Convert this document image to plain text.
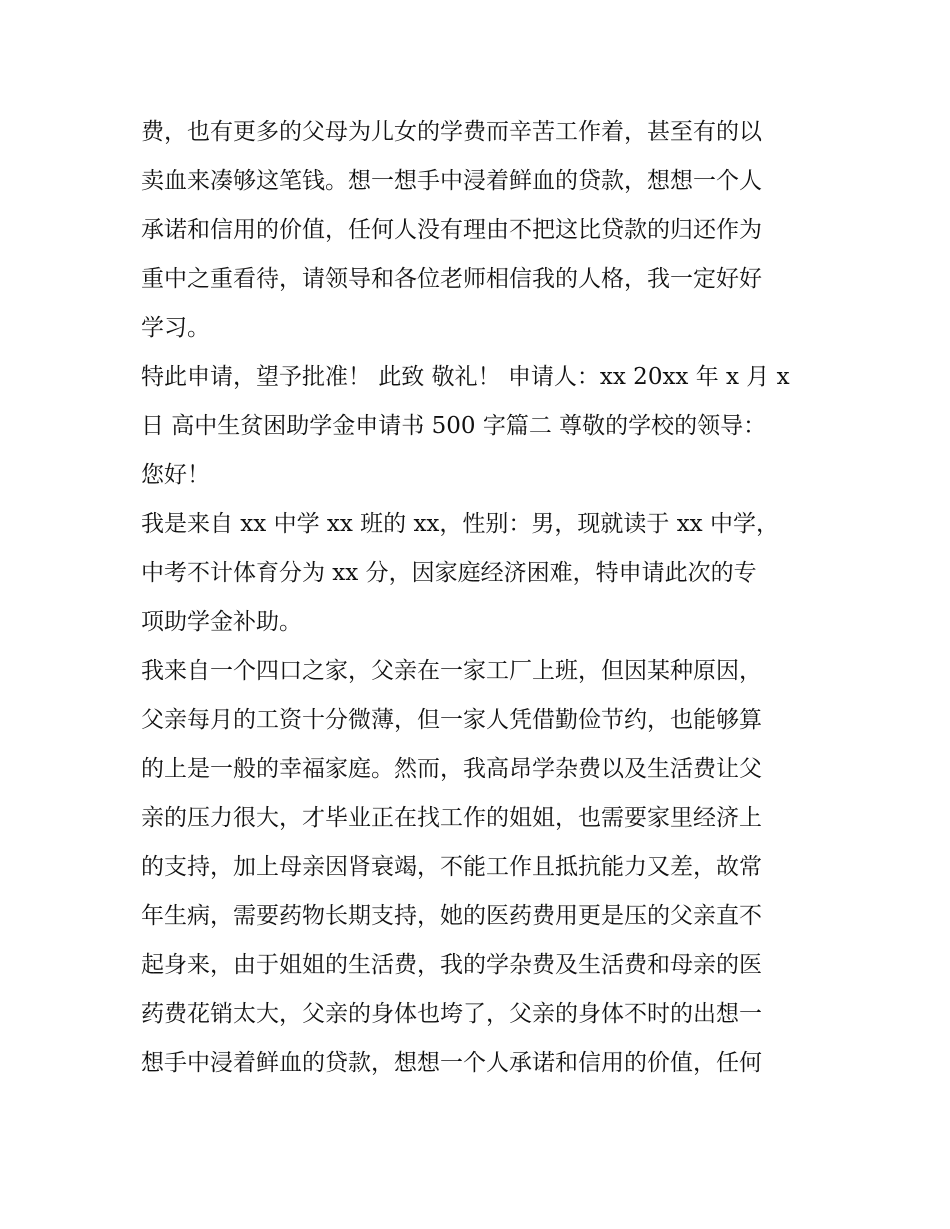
费，也有更多的父母为儿女的学费而辛苦工作着，甚至有的以
卖血来凑够这笔钱。想一想手中浸着鲜血的贷款，想想一个人
承诺和信用的价值，任何人没有理由不把这比贷款的归还作为
重中之重看待，请领导和各位老师相信我的人格，我一定好好
学习。
特此申请，望予批准！ 此致 敬礼！ 申请人：xx 20xx 年 x 月 x
日 高中生贫困助学金申请书 500 字篇二 尊敬的学校的领导：
您好！
我是来自 xx 中学 xx 班的 xx，性别：男，现就读于 xx 中学，
中考不计体育分为 xx 分，因家庭经济困难，特申请此次的专
项助学金补助。
我来自一个四口之家，父亲在一家工厂上班，但因某种原因，
父亲每月的工资十分微薄，但一家人凭借勤俭节约，也能够算
的上是一般的幸福家庭。然而，我高昂学杂费以及生活费让父
亲的压力很大，才毕业正在找工作的姐姐，也需要家里经济上
的支持，加上母亲因肾衰竭，不能工作且抵抗能力又差，故常
年生病，需要药物长期支持，她的医药费用更是压的父亲直不
起身来，由于姐姐的生活费，我的学杂费及生活费和母亲的医
药费花销太大，父亲的身体也垮了，父亲的身体不时的出想一
想手中浸着鲜血的贷款，想想一个人承诺和信用的价值，任何
